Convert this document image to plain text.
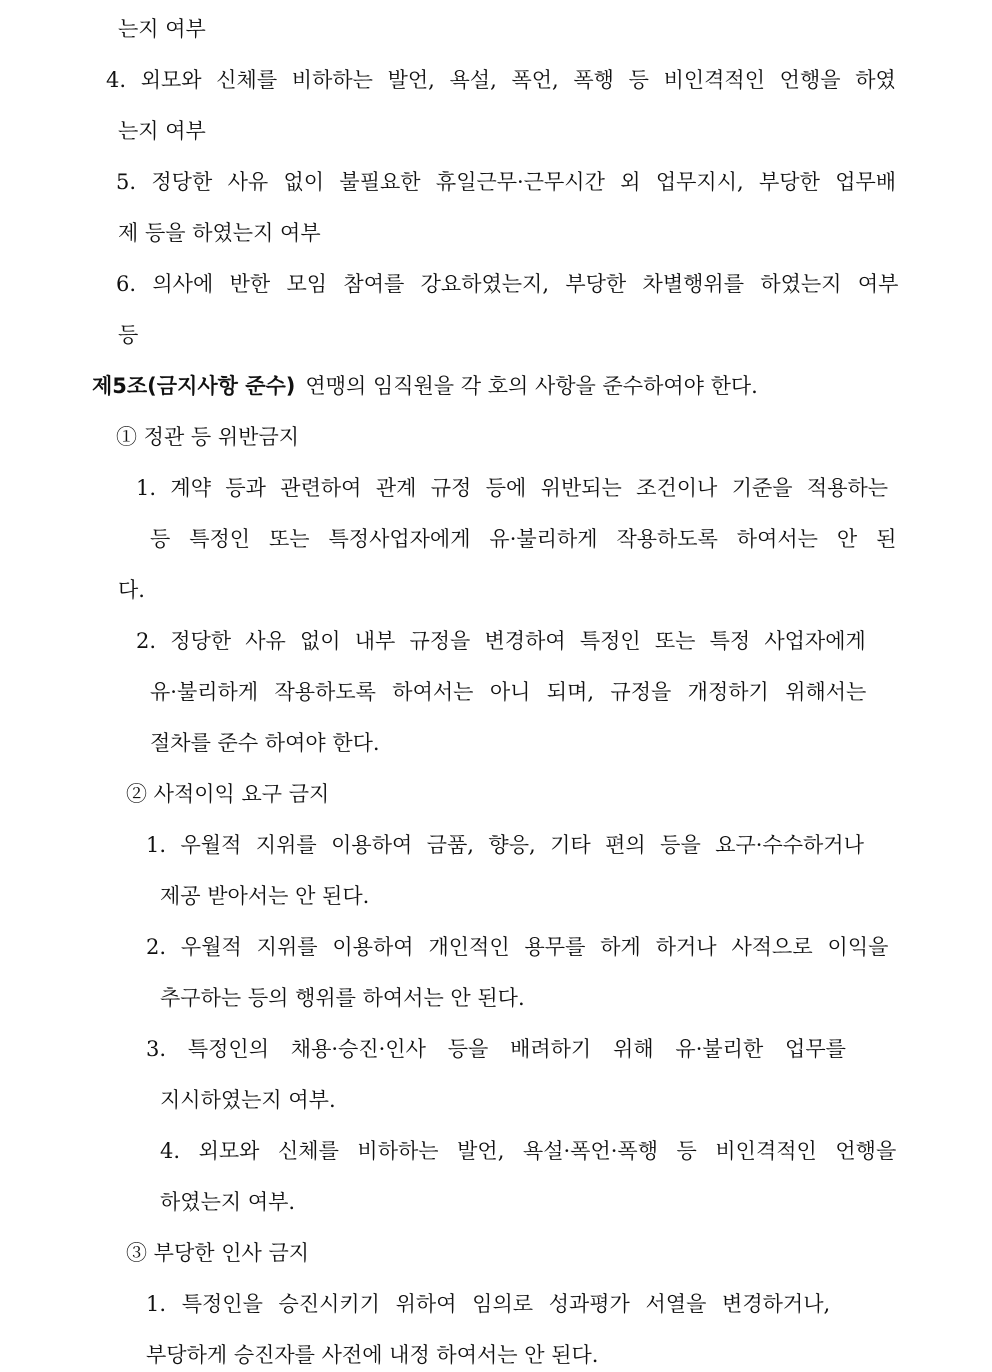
는지 여부
4. 외모와 신체를 비하하는 발언, 욕설, 폭언, 폭행 등 비인격적인 언행을 하였
는지 여부
5. 정당한 사유 없이 불필요한 휴일근무·근무시간 외 업무지시, 부당한 업무배
제 등을 하였는지 여부
6. 의사에 반한 모임 참여를 강요하였는지, 부당한 차별행위를 하였는지 여부
등
제5조(금지사항 준수) 연맹의 임직원을 각 호의 사항을 준수하여야 한다.
① 정관 등 위반금지
1. 계약 등과 관련하여 관계 규정 등에 위반되는 조건이나 기준을 적용하는
등 특정인 또는 특정사업자에게 유·불리하게 작용하도록 하여서는 안 된
다.
2. 정당한 사유 없이 내부 규정을 변경하여 특정인 또는 특정 사업자에게
유·불리하게 작용하도록 하여서는 아니 되며, 규정을 개정하기 위해서는
절차를 준수 하여야 한다.
② 사적이익 요구 금지
1. 우월적 지위를 이용하여 금품, 향응, 기타 편의 등을 요구·수수하거나
제공 받아서는 안 된다.
2. 우월적 지위를 이용하여 개인적인 용무를 하게 하거나 사적으로 이익을
추구하는 등의 행위를 하여서는 안 된다.
3. 특정인의 채용·승진·인사 등을 배려하기 위해 유·불리한 업무를
지시하였는지 여부.
4. 외모와 신체를 비하하는 발언, 욕설·폭언·폭행 등 비인격적인 언행을
하였는지 여부.
③ 부당한 인사 금지
1. 특정인을 승진시키기 위하여 임의로 성과평가 서열을 변경하거나,
부당하게 승진자를 사전에 내정 하여서는 안 된다.
